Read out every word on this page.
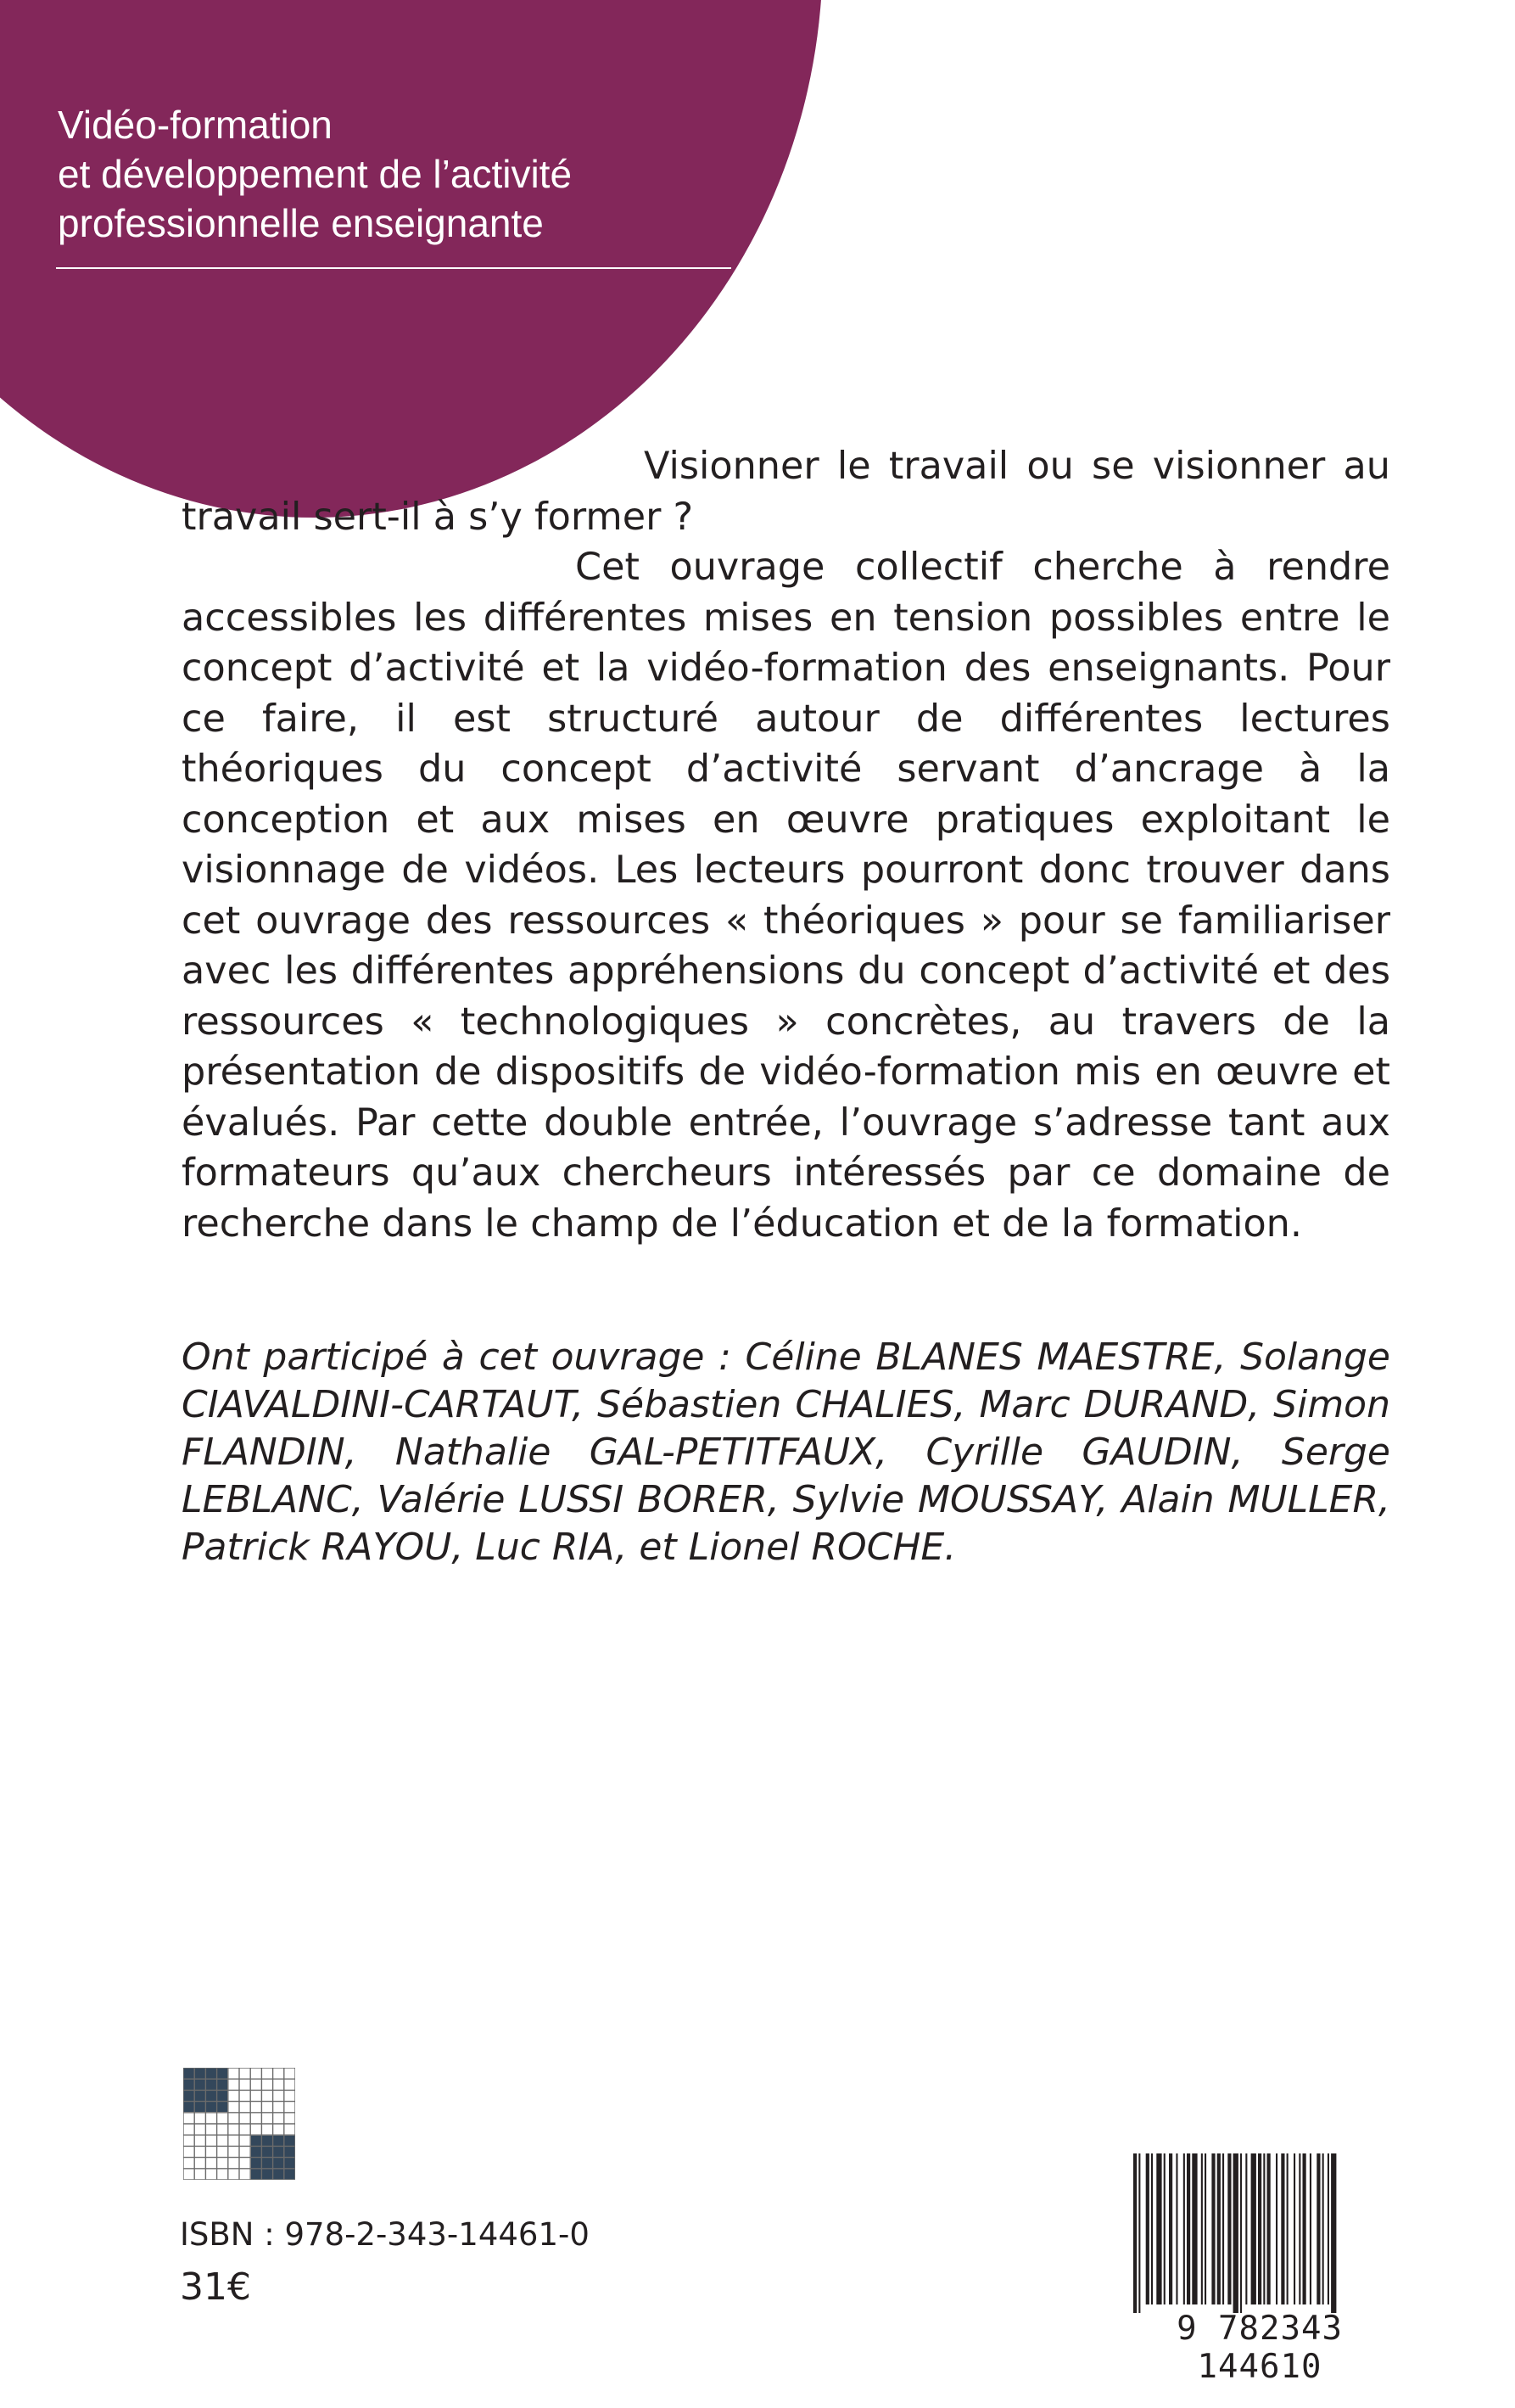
Vidéo-formation
et développement de l’activité
professionnelle enseignante

Visionner le travail ou se visionner au travail sert-il à s’y former ?

Cet ouvrage collectif cherche à rendre accessibles les différentes mises en tension possibles entre le concept d’activité et la vidéo-formation des enseignants. Pour ce faire, il est structuré autour de différentes lectures théoriques du concept d’activité servant d’ancrage à la conception et aux mises en œuvre pratiques exploitant le visionnage de vidéos. Les lecteurs pourront donc trouver dans cet ouvrage des ressources « théoriques » pour se familiariser avec les différentes appréhensions du concept d’activité et des ressources « technologiques » concrètes, au travers de la présentation de dispositifs de vidéo-formation mis en œuvre et évalués. Par cette double entrée, l’ouvrage s’adresse tant aux formateurs qu’aux chercheurs intéressés par ce domaine de recherche dans le champ de l’éducation et de la formation.

Ont participé à cet ouvrage : Céline BLANES MAESTRE, Solange CIAVALDINI-CARTAUT, Sébastien CHALIES, Marc DURAND, Simon FLANDIN, Nathalie GAL-PETITFAUX, Cyrille GAUDIN, Serge LEBLANC, Valérie LUSSI BORER, Sylvie MOUSSAY, Alain MULLER, Patrick RAYOU, Luc RIA, et Lionel ROCHE.
ISBN : 978-2-343-14461-0
31€
9 782343 144610
